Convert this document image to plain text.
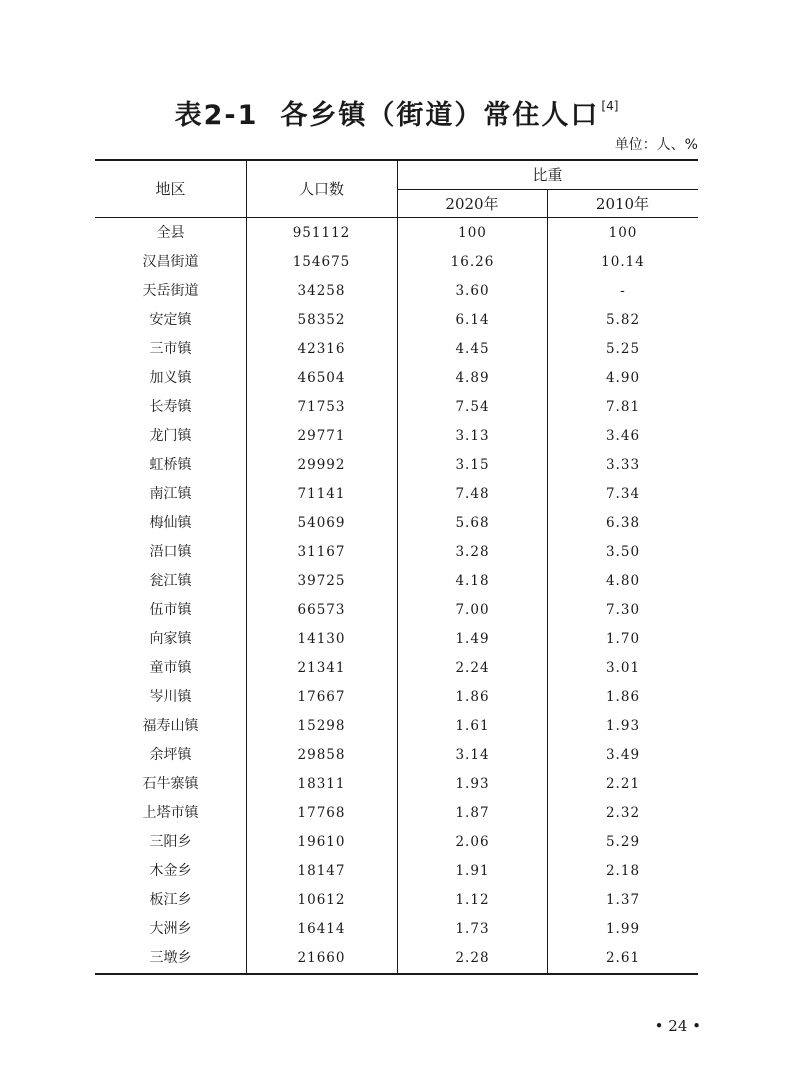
表2-1 各乡镇（街道）常住人口 [4]
单位：人、%
地区	人口数
比重
2020年	2010年
全县	951112	100	100
汉昌街道	154675	16.26	10.14
天岳街道	34258	3.60	-
安定镇	58352	6.14	5.82
三市镇	42316	4.45	5.25
加义镇	46504	4.89	4.90
长寿镇	71753	7.54	7.81
龙门镇	29771	3.13	3.46
虹桥镇	29992	3.15	3.33
南江镇	71141	7.48	7.34
梅仙镇	54069	5.68	6.38
浯口镇	31167	3.28	3.50
瓮江镇	39725	4.18	4.80
伍市镇	66573	7.00	7.30
向家镇	14130	1.49	1.70
童市镇	21341	2.24	3.01
岑川镇	17667	1.86	1.86
福寿山镇	15298	1.61	1.93
余坪镇	29858	3.14	3.49
石牛寨镇	18311	1.93	2.21
上塔市镇	17768	1.87	2.32
三阳乡	19610	2.06	5.29
木金乡	18147	1.91	2.18
板江乡	10612	1.12	1.37
大洲乡	16414	1.73	1.99
三墩乡	21660	2.28	2.61
• 24 •
